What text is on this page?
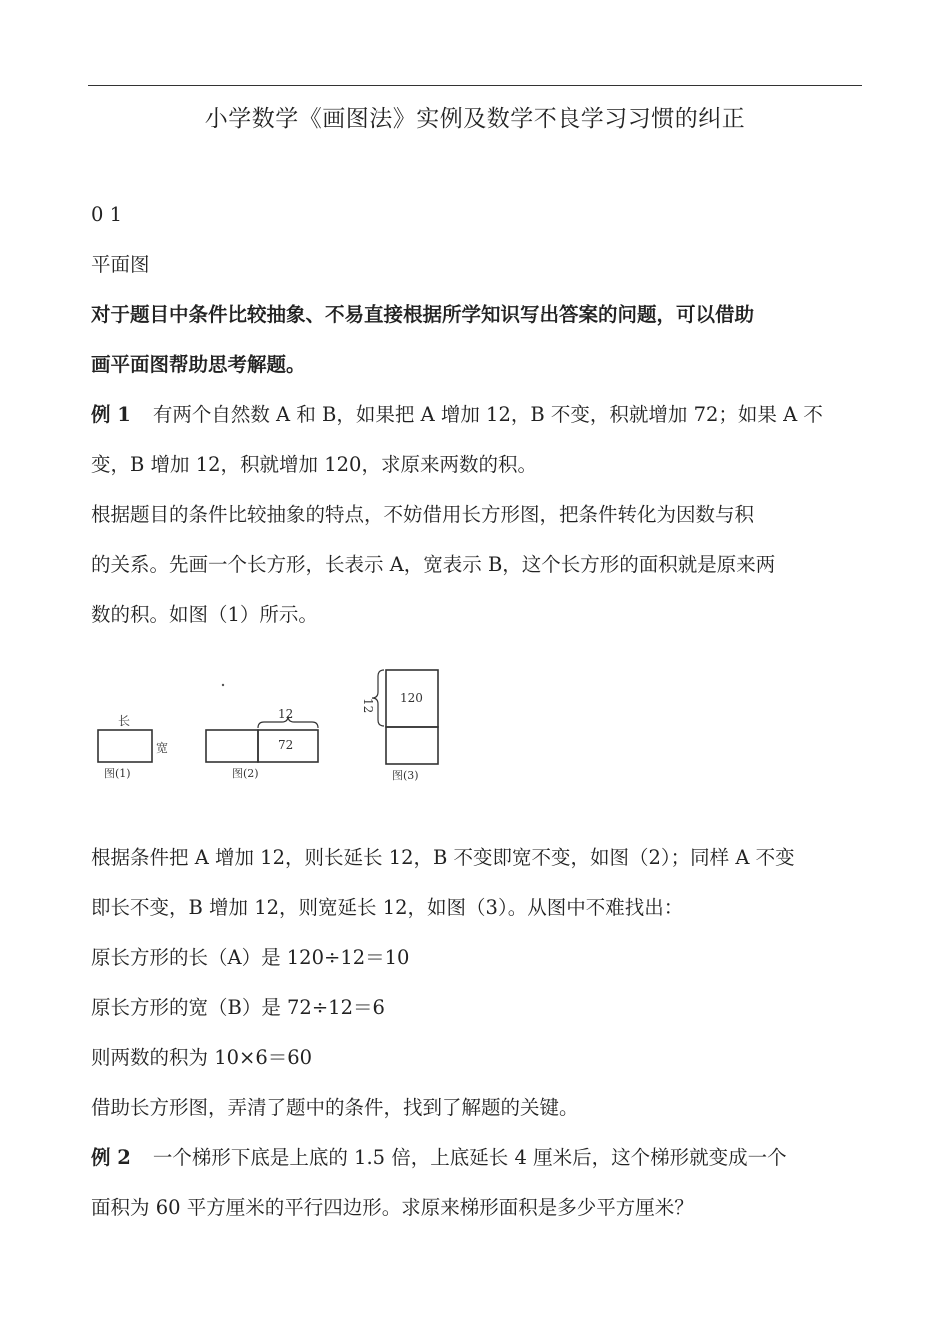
小学数学《画图法》实例及数学不良学习习惯的纠正
0 1
平面图
对于题目中条件比较抽象、不易直接根据所学知识写出答案的问题，可以借助
画平面图帮助思考解题。
例 1 有两个自然数 A 和 B，如果把 A 增加 12，B 不变，积就增加 72；如果 A 不
变，B 增加 12，积就增加 120，求原来两数的积。
根据题目的条件比较抽象的特点，不妨借用长方形图，把条件转化为因数与积
的关系。先画一个长方形，长表示 A，宽表示 B，这个长方形的面积就是原来两
数的积。如图（1）所示。
长
宽
图(1)
12
72
图(2)
12 120
图(3)
根据条件把 A 增加 12，则长延长 12，B 不变即宽不变，如图（2）；同样 A 不变
即长不变，B 增加 12，则宽延长 12，如图（3）。从图中不难找出：
原长方形的长（A）是 120÷12＝10
原长方形的宽（B）是 72÷12＝6
则两数的积为 10×6＝60
借助长方形图，弄清了题中的条件，找到了解题的关键。
例 2 一个梯形下底是上底的 1.5 倍，上底延长 4 厘米后，这个梯形就变成一个
面积为 60 平方厘米的平行四边形。求原来梯形面积是多少平方厘米？
